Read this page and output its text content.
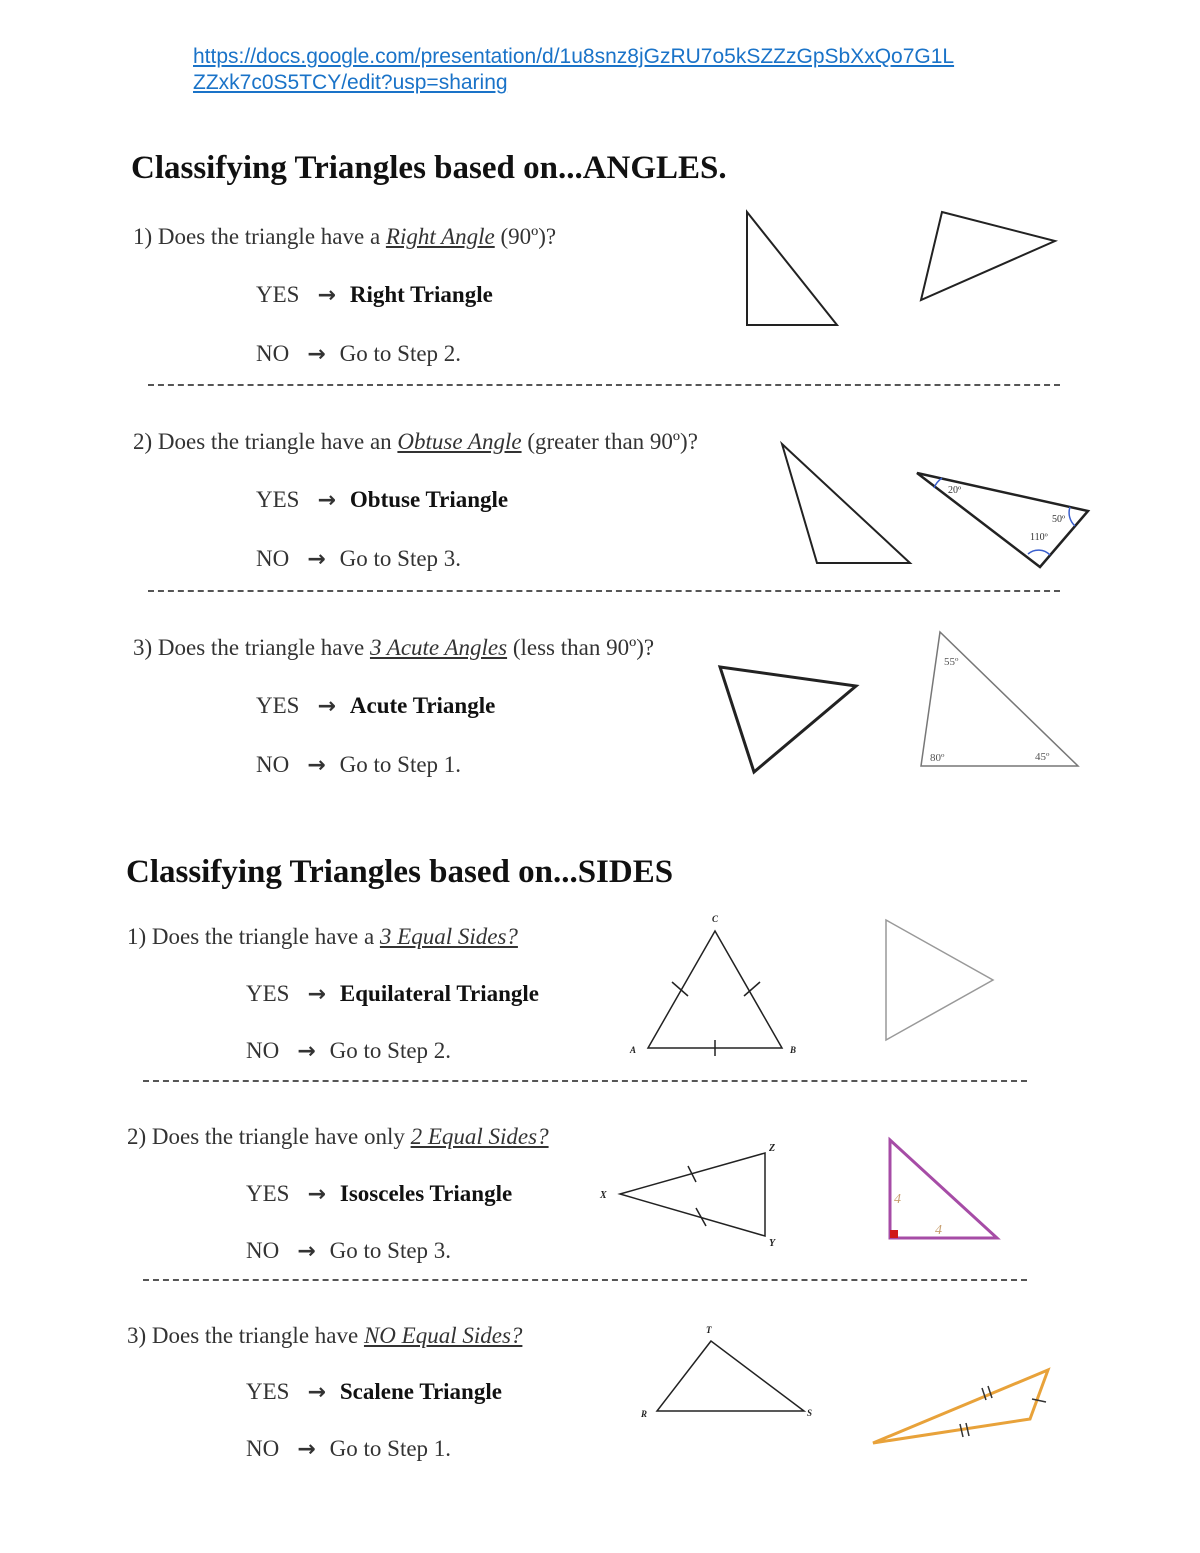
https://docs.google.com/presentation/d/1u8snz8jGzRU7o5kSZZzGpSbXxQo7G1L
ZZxk7c0S5TCY/edit?usp=sharing
Classifying Triangles based on...ANGLES.
1) Does the triangle have a Right Angle (90º)?
YES → Right Triangle
NO → Go to Step 2.
2) Does the triangle have an Obtuse Angle (greater than 90º)?
YES → Obtuse Triangle
NO → Go to Step 3.
3) Does the triangle have 3 Acute Angles (less than 90º)?
YES → Acute Triangle
NO → Go to Step 1.
Classifying Triangles based on...SIDES
1) Does the triangle have a 3 Equal Sides?
YES → Equilateral Triangle
NO → Go to Step 2.
2) Does the triangle have only 2 Equal Sides?
YES → Isosceles Triangle
NO → Go to Step 3.
3) Does the triangle have NO Equal Sides?
YES → Scalene Triangle
NO → Go to Step 1.
20º
50º
110º
55º
80º	45º
A	B
C
X
Z
Y
4
4
R	S
T
